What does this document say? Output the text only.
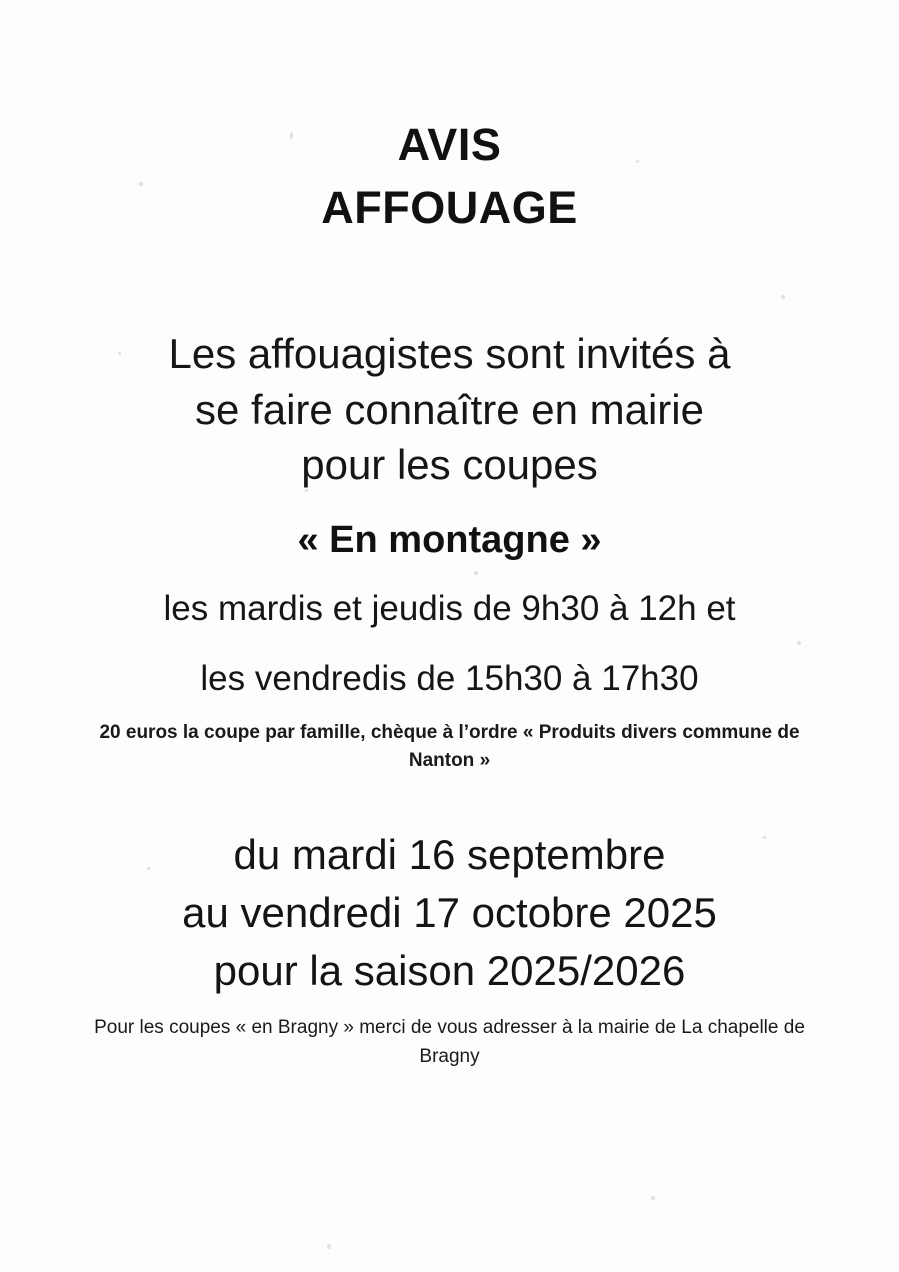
AVIS
AFFOUAGE
Les affouagistes sont invités à
se faire connaître en mairie
pour les coupes
« En montagne »
les mardis et jeudis de 9h30 à 12h et
les vendredis de 15h30 à 17h30
20 euros la coupe par famille, chèque à l’ordre « Produits divers commune de Nanton »
du mardi 16 septembre
au vendredi 17 octobre 2025
pour la saison 2025/2026
Pour les coupes « en Bragny » merci de vous adresser à la mairie de La chapelle de Bragny
